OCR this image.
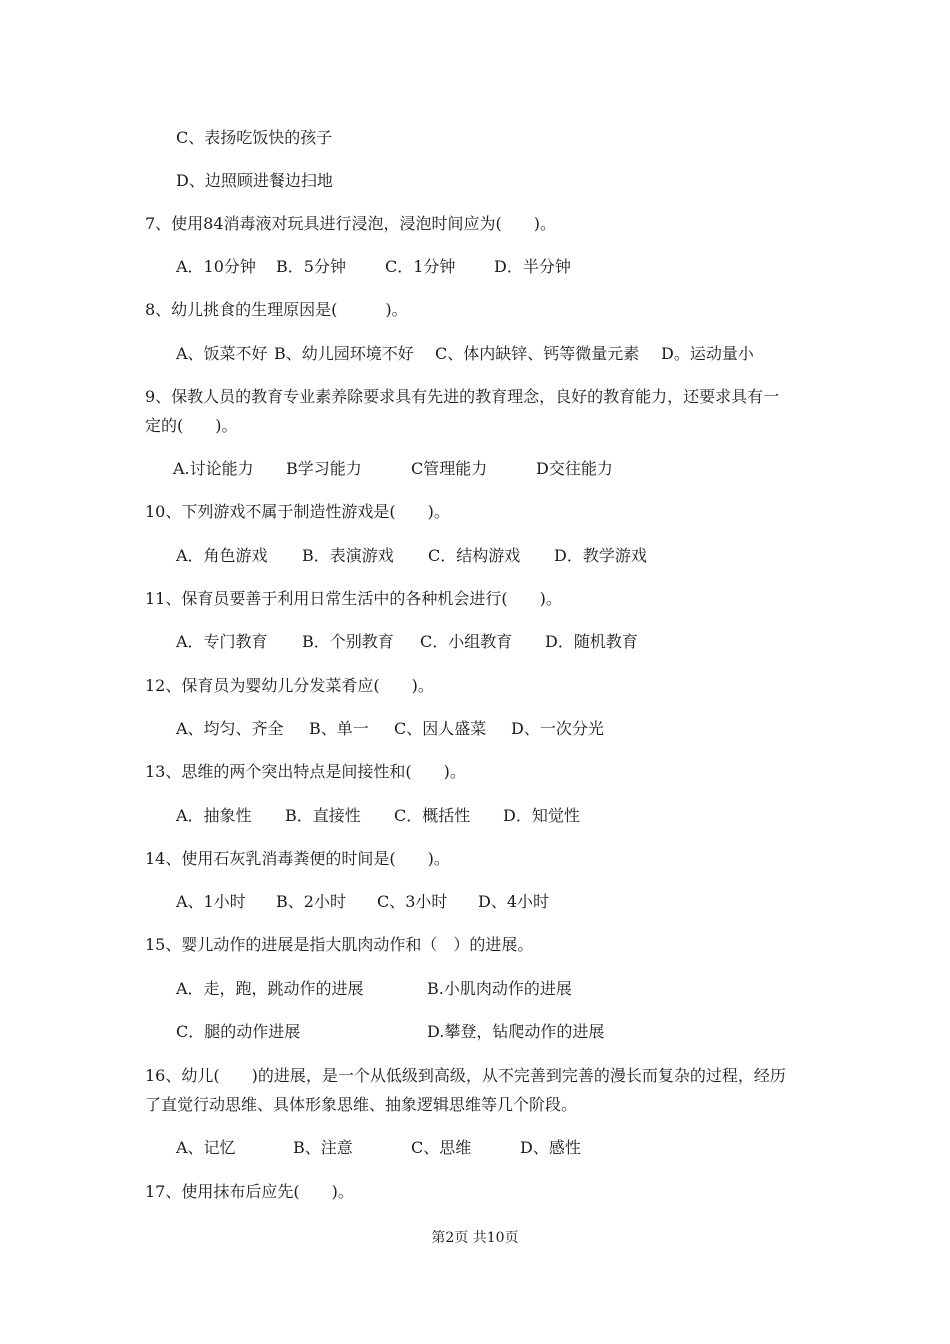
C、表扬吃饭快的孩子
D、边照顾进餐边扫地
7、使用84消毒液对玩具进行浸泡，浸泡时间应为(　　)。
A．10分钟 B．5分钟 C．1分钟 D．半分钟
8、幼儿挑食的生理原因是(　　　)。
A、饭菜不好 B、幼儿园环境不好 C、体内缺锌、钙等微量元素 D。运动量小
9、保教人员的教育专业素养除要求具有先进的教育理念，良好的教育能力，还要求具有一
定的(　　)。
A.讨论能力 B学习能力	C管理能力	D交往能力
10、下列游戏不属于制造性游戏是(　　)。
A．角色游戏 B．表演游戏 C．结构游戏 D．教学游戏
11、保育员要善于利用日常生活中的各种机会进行(　　)。
A．专门教育 B．个别教育 C．小组教育 D．随机教育
12、保育员为婴幼儿分发菜肴应(　　)。
A、均匀、齐全 B、单一 C、因人盛菜 D、一次分光
13、思维的两个突出特点是间接性和(　　)。
A．抽象性 B．直接性 C．概括性 D．知觉性
14、使用石灰乳消毒粪便的时间是(　　)。
A、1小时 B、2小时 C、3小时 D、4小时
15、婴儿动作的进展是指大肌肉动作和（　）的进展。
A．走，跑，跳动作的进展	B.小肌肉动作的进展
C．腿的动作进展	D.攀登，钻爬动作的进展
16、幼儿(　　)的进展，是一个从低级到高级，从不完善到完善的漫长而复杂的过程，经历
了直觉行动思维、具体形象思维、抽象逻辑思维等几个阶段。
A、记忆	B、注意	C、思维	D、感性
17、使用抹布后应先(　　)。
第2页 共10页
